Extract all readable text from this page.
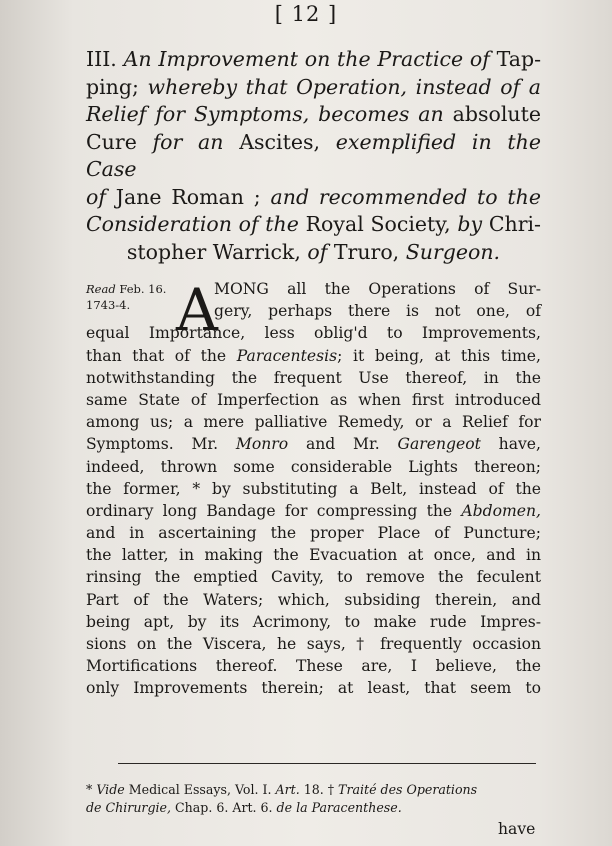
[ 12 ]
III. An Improvement on the Practice of Tap-
ping; whereby that Operation, instead of a
Relief for Symptoms, becomes an absolute
Cure for an Ascites, exemplified in the Case
of Jane Roman ; and recommended to the
Consideration of the Royal Society, by Chri-
stopher Warrick, of Truro, Surgeon.
Read Feb. 16.
1743-4. A
MONG all the Operations of Sur-
gery, perhaps there is not one, of
equal Importance, less oblig'd to Improvements,
than that of the Paracentesis; it being, at this time,
notwithstanding the frequent Use thereof, in the
same State of Imperfection as when first introduced
among us; a mere palliative Remedy, or a Relief for
Symptoms. Mr. Monro and Mr. Garengeot have,
indeed, thrown some considerable Lights thereon;
the former, * by substituting a Belt, instead of the
ordinary long Bandage for compressing the Abdomen,
and in ascertaining the proper Place of Puncture;
the latter, in making the Evacuation at once, and in
rinsing the emptied Cavity, to remove the feculent
Part of the Waters; which, subsiding therein, and
being apt, by its Acrimony, to make rude Impres-
sions on the Viscera, he says, † frequently occasion
Mortifications thereof. These are, I believe, the
only Improvements therein; at least, that seem to
* Vide Medical Essays, Vol. I. Art. 18. † Traité des Operations
de Chirurgie, Chap. 6. Art. 6. de la Paracenthese.
have
